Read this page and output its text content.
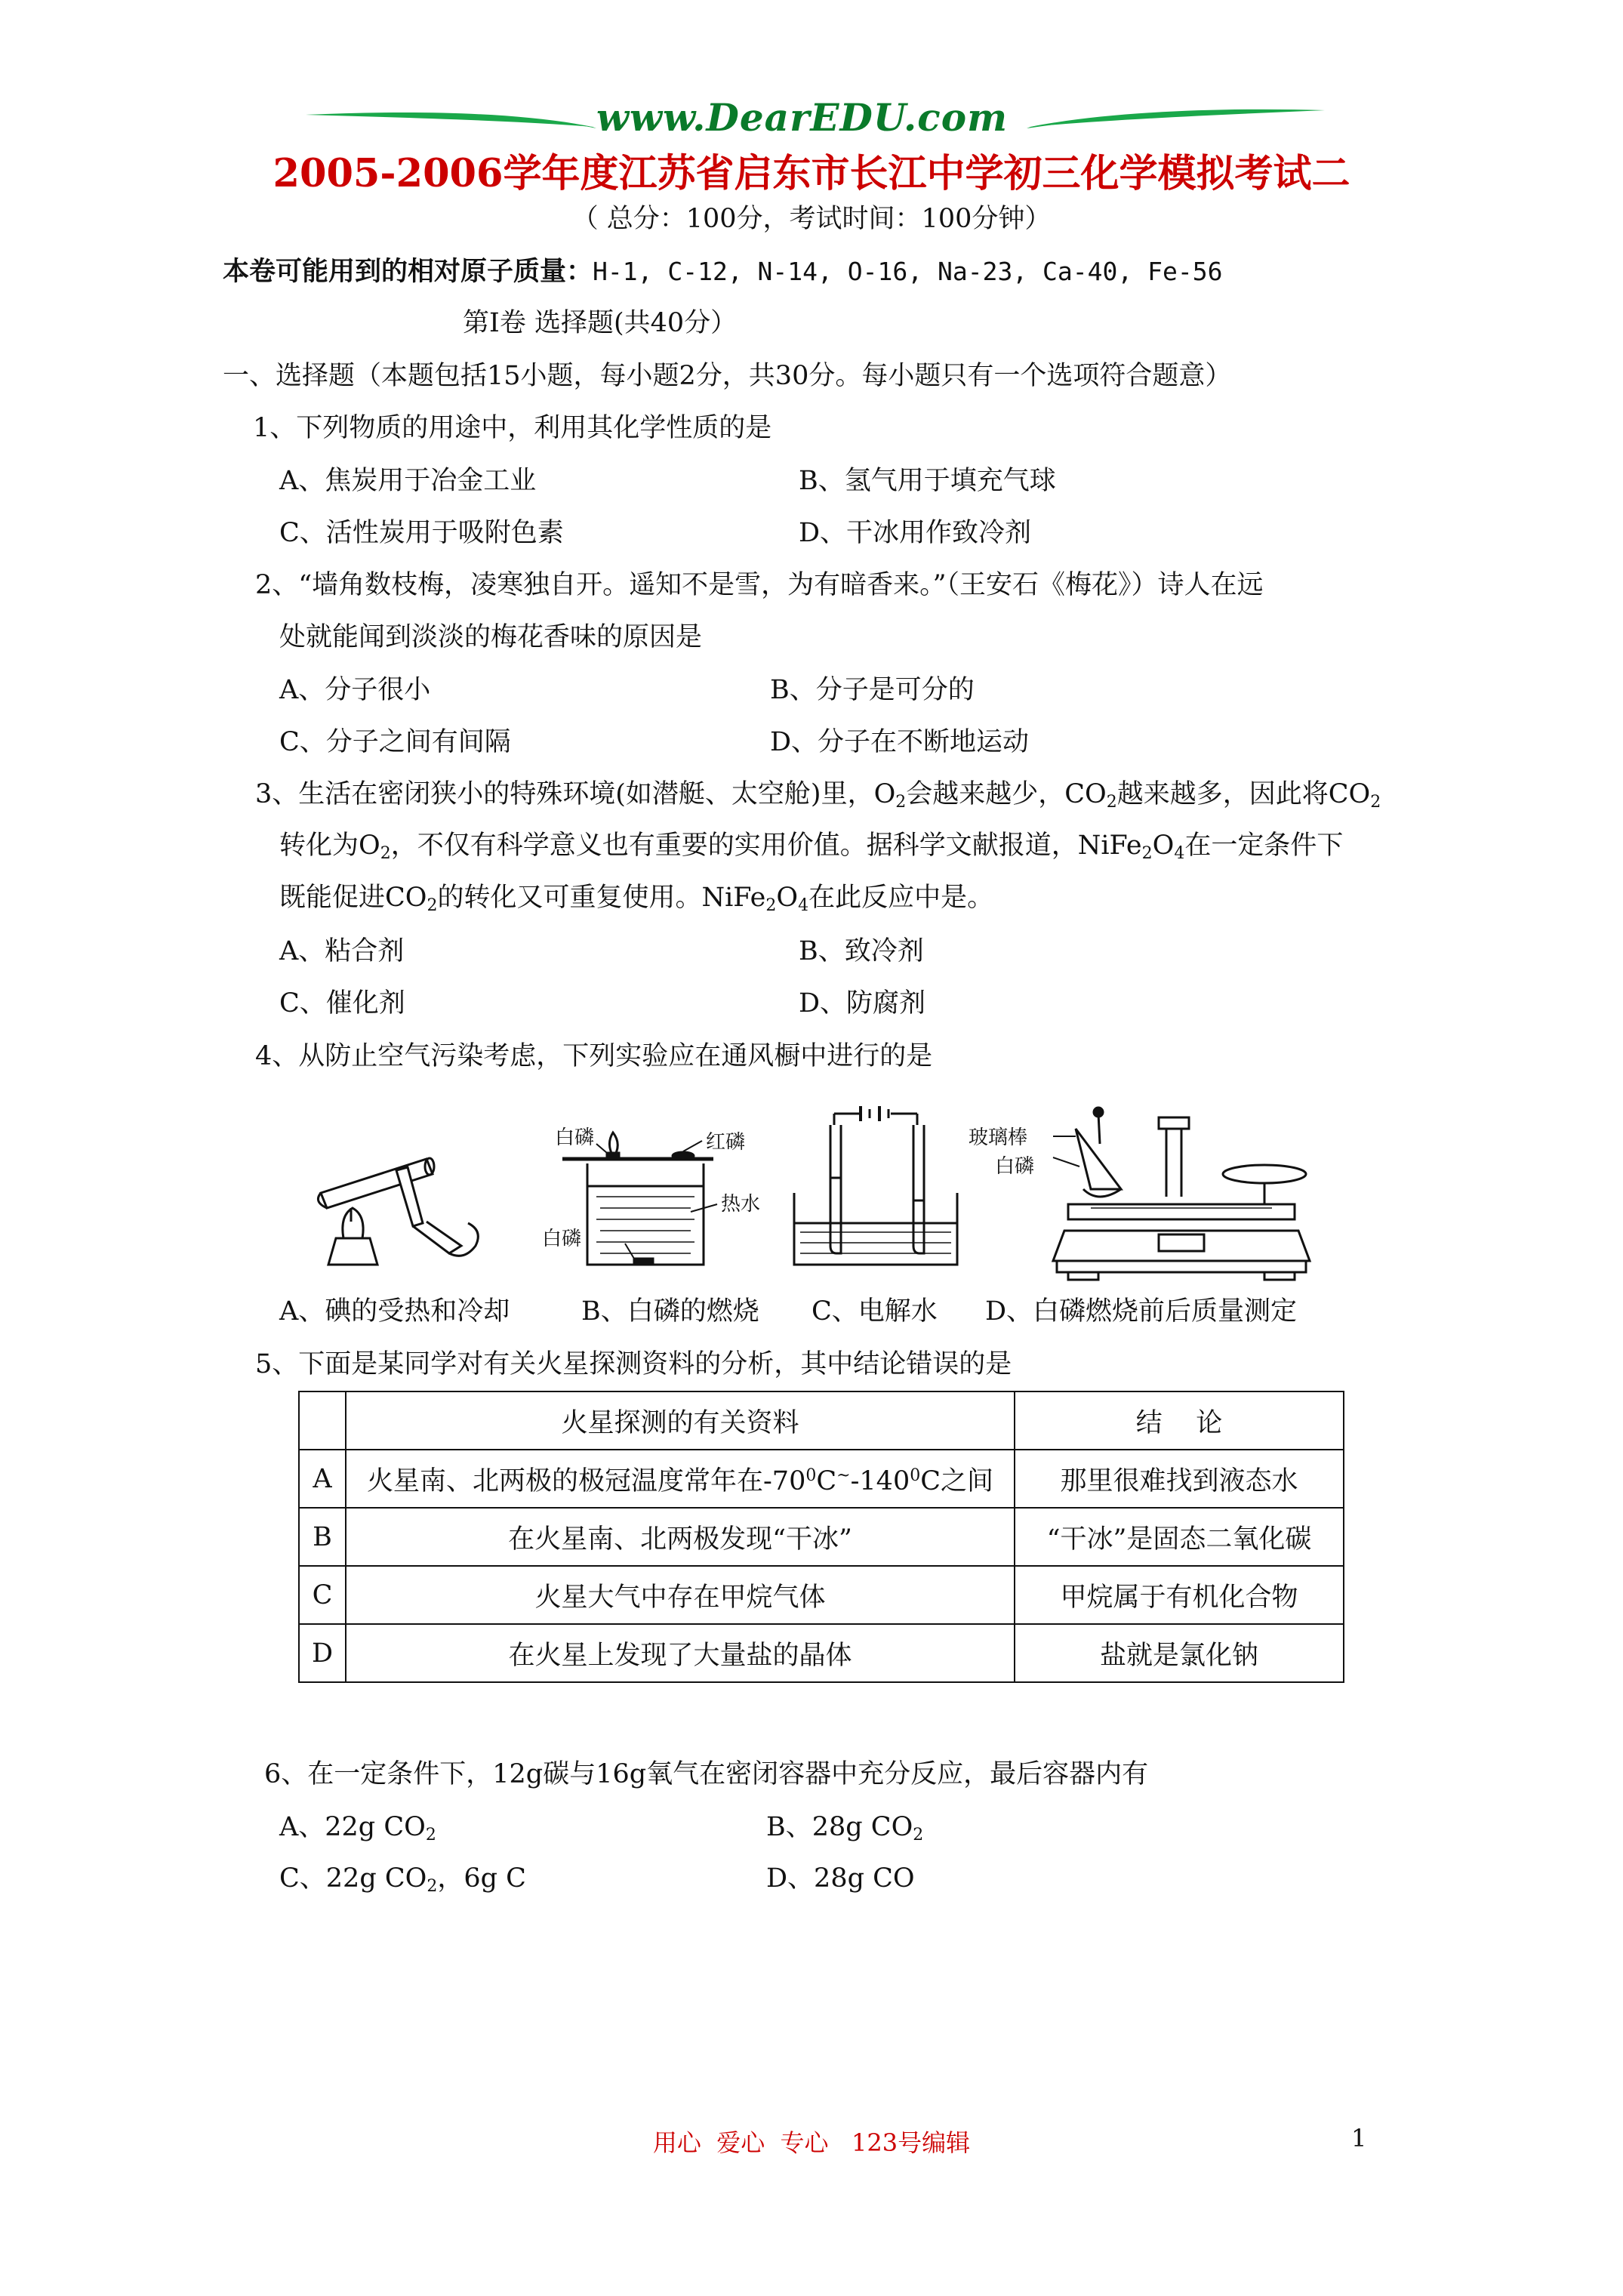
www.DearEDU.com
2005-2006学年度江苏省启东市长江中学初三化学模拟考试二
（ 总分：100分，考试时间：100分钟）
本卷可能用到的相对原子质量：H-1, C-12, N-14, O-16, Na-23, Ca-40, Fe-56
第Ⅰ卷 选择题(共40分）
一、选择题（本题包括15小题，每小题2分，共30分。每小题只有一个选项符合题意）
1、下列物质的用途中，利用其化学性质的是
A、焦炭用于冶金工业	B、氢气用于填充气球
C、活性炭用于吸附色素	D、干冰用作致冷剂
2、“墙角数枝梅，凌寒独自开。遥知不是雪，为有暗香来。”（王安石《梅花》）诗人在远
处就能闻到淡淡的梅花香味的原因是
A、分子很小	B、分子是可分的
C、分子之间有间隔	D、分子在不断地运动
3、生活在密闭狭小的特殊环境(如潜艇、太空舱)里，$O_2$会越来越少，$CO_2$越来越多，因此将$CO_2$
转化为$O_2$，不仅有科学意义也有重要的实用价值。据科学文献报道，$NiFe_2O_4$在一定条件下
既能促进$CO_2$的转化又可重复使用。$NiFe_2O_4$在此反应中是。
A、粘合剂	B、致冷剂
C、催化剂	D、防腐剂
4、从防止空气污染考虑，下列实验应在通风橱中进行的是
白磷	红磷
热水
白磷
玻璃棒
白磷
A、碘的受热和冷却	B、白磷的燃烧 C、电解水 D、白磷燃烧前后质量测定
5、下面是某同学对有关火星探测资料的分析，其中结论错误的是
	火星探测的有关资料	结    论
A	火星南、北两极的极冠温度常年在$-70^0C^\sim-140^0C$之间	那里很难找到液态水
B	在火星南、北两极发现“干冰”	“干冰”是固态二氧化碳
C	火星大气中存在甲烷气体	甲烷属于有机化合物
D	在火星上发现了大量盐的晶体	盐就是氯化钠
6、在一定条件下，12g碳与16g氧气在密闭容器中充分反应，最后容器内有
A、22g $CO_2$	B、28g $CO_2$
C、22g $CO_2$，6g C	D、28g CO
用心  爱心  专心   123号编辑	1
